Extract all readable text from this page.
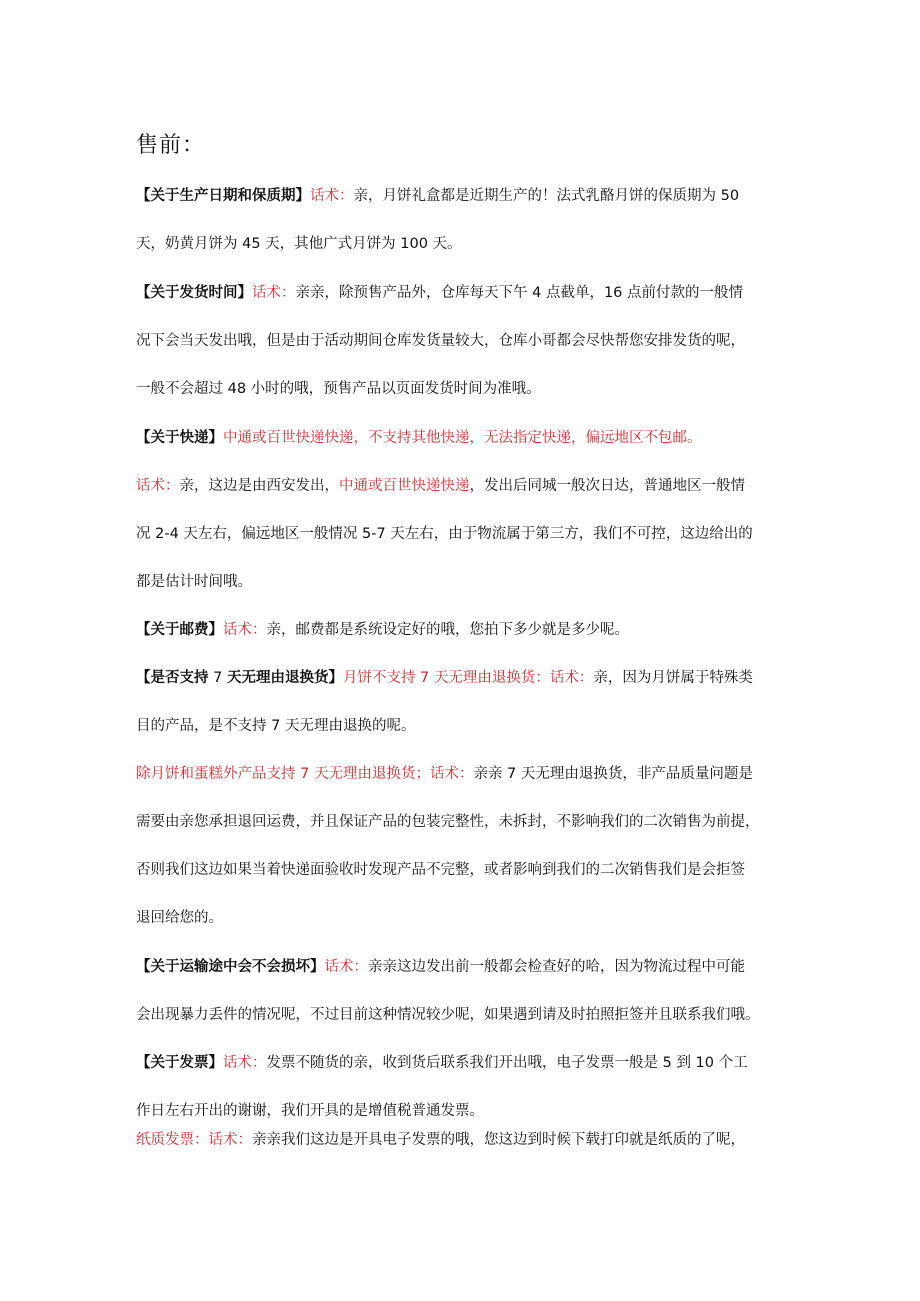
售前：
【关于生产日期和保质期】话术：亲，月饼礼盒都是近期生产的！法式乳酪月饼的保质期为 50
天，奶黄月饼为 45 天，其他广式月饼为 100 天。
【关于发货时间】话术：亲亲，除预售产品外，仓库每天下午 4 点截单，16 点前付款的一般情
况下会当天发出哦，但是由于活动期间仓库发货量较大，仓库小哥都会尽快帮您安排发货的呢，
一般不会超过 48 小时的哦，预售产品以页面发货时间为准哦。
【关于快递】中通或百世快递快递，不支持其他快递，无法指定快递，偏远地区不包邮。
话术：亲，这边是由西安发出，中通或百世快递快递，发出后同城一般次日达，普通地区一般情
况 2-4 天左右，偏远地区一般情况 5-7 天左右，由于物流属于第三方，我们不可控，这边给出的
都是估计时间哦。
【关于邮费】话术：亲，邮费都是系统设定好的哦，您拍下多少就是多少呢。
【是否支持 7 天无理由退换货】月饼不支持 7 天无理由退换货：话术：亲，因为月饼属于特殊类
目的产品，是不支持 7 天无理由退换的呢。
除月饼和蛋糕外产品支持 7 天无理由退换货；话术：亲亲 7 天无理由退换货，非产品质量问题是
需要由亲您承担退回运费，并且保证产品的包装完整性，未拆封，不影响我们的二次销售为前提，
否则我们这边如果当着快递面验收时发现产品不完整，或者影响到我们的二次销售我们是会拒签
退回给您的。
【关于运输途中会不会损坏】话术：亲亲这边发出前一般都会检查好的哈，因为物流过程中可能
会出现暴力丢件的情况呢，不过目前这种情况较少呢，如果遇到请及时拍照拒签并且联系我们哦。
【关于发票】话术：发票不随货的亲，收到货后联系我们开出哦，电子发票一般是 5 到 10 个工
作日左右开出的谢谢，我们开具的是增值税普通发票。
纸质发票：话术：亲亲我们这边是开具电子发票的哦，您这边到时候下载打印就是纸质的了呢，
